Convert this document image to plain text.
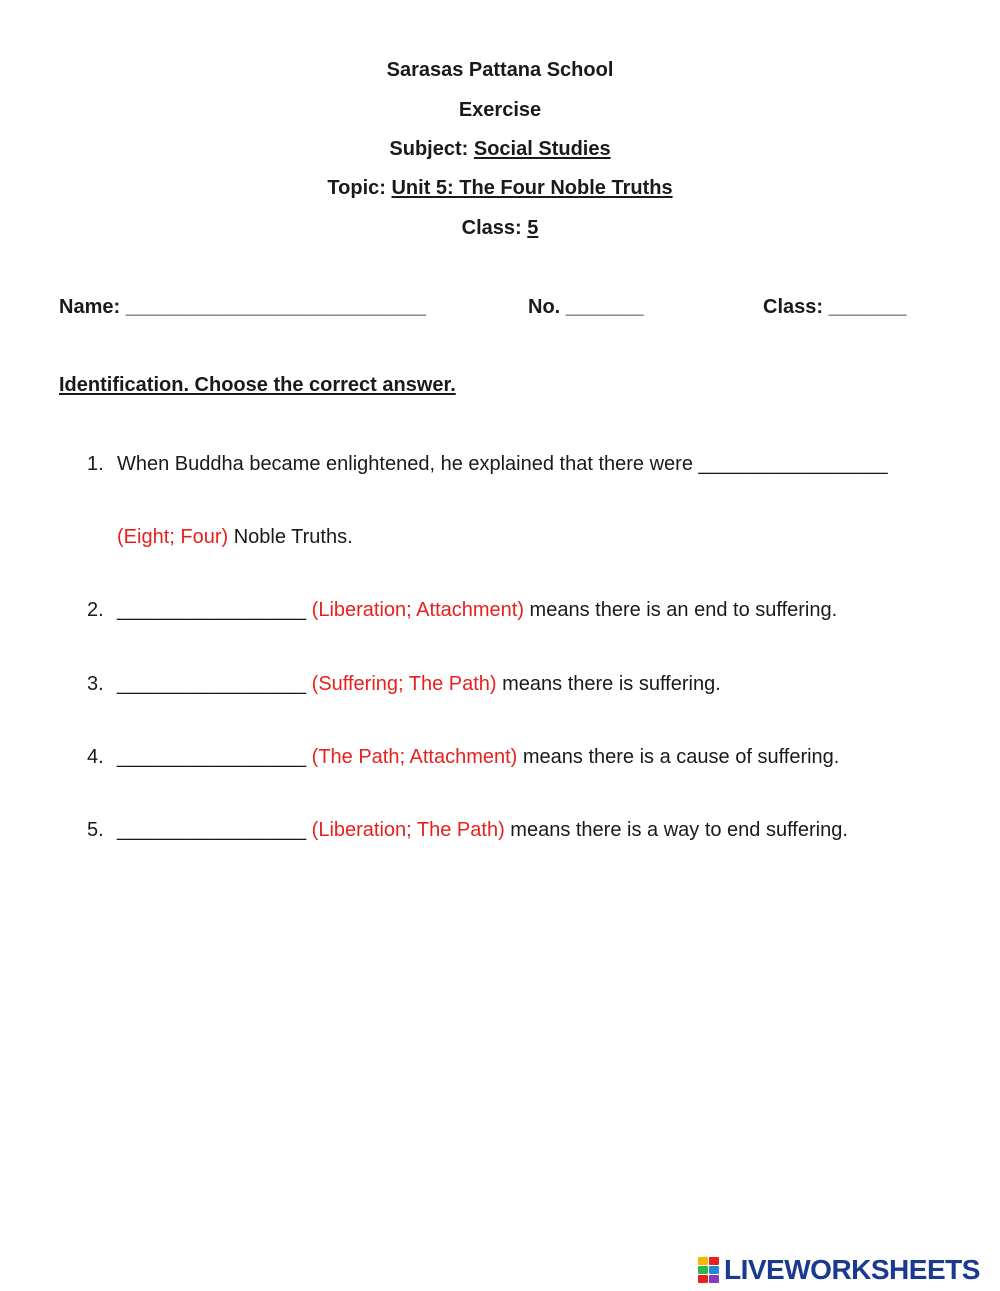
Sarasas Pattana School
Exercise
Subject: Social Studies
Topic: Unit 5: The Four Noble Truths
Class: 5
Name: ___________________________	No. _______	Class: _______
Identification. Choose the correct answer.
1. When Buddha became enlightened, he explained that there were _________________
(Eight; Four) Noble Truths.
2. _________________ (Liberation; Attachment) means there is an end to suffering.
3. _________________ (Suffering; The Path) means there is suffering.
4. _________________ (The Path; Attachment) means there is a cause of suffering.
5. _________________ (Liberation; The Path) means there is a way to end suffering.
LIVEWORKSHEETS
